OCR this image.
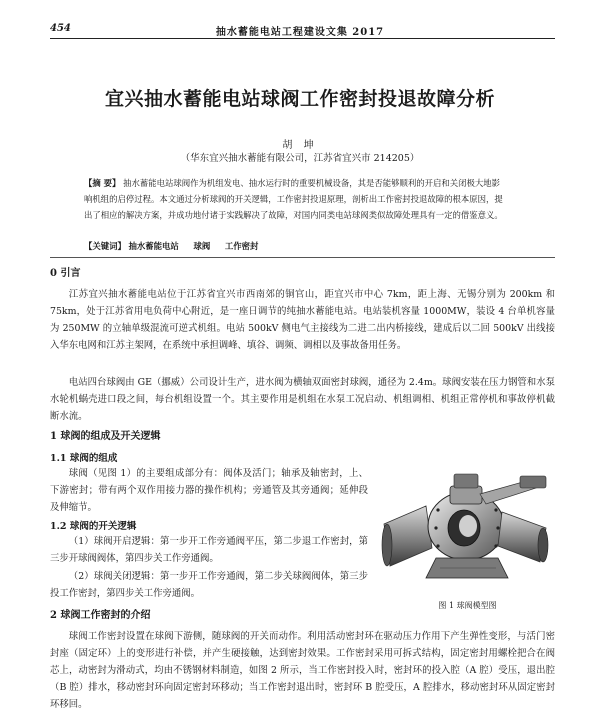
454	抽水蓄能电站工程建设文集 2017
宜兴抽水蓄能电站球阀工作密封投退故障分析
胡 坤
（华东宜兴抽水蓄能有限公司，江苏省宜兴市 214205）
【摘 要】 抽水蓄能电站球阀作为机组发电、抽水运行时的重要机械设备，其是否能够顺利的开启和关闭极大地影响机组的启停过程。本文通过分析球阀的开关逻辑，工作密封投退原理，剖析出工作密封投退故障的根本原因，提出了相应的解决方案，并成功地付诸于实践解决了故障，对国内同类电站球阀类似故障处理具有一定的借鉴意义。
【关键词】 抽水蓄能电站 球阀 工作密封
0 引言
江苏宜兴抽水蓄能电站位于江苏省宜兴市西南郊的铜官山，距宜兴市中心 7km，距上海、无锡分别为 200km 和 75km，处于江苏省用电负荷中心附近，是一座日调节的纯抽水蓄能电站。电站装机容量 1000MW，装设 4 台单机容量为 250MW 的立轴单级混流可逆式机组。电站 500kV 侧电气主接线为二进二出内桥接线，建成后以二回 500kV 出线接入华东电网和江苏主架网，在系统中承担调峰、填谷、调频、调相以及事故备用任务。
电站四台球阀由 GE（挪威）公司设计生产，进水阀为横轴双面密封球阀，通径为 2.4m。球阀安装在压力钢管和水泵水轮机蜗壳进口段之间，每台机组设置一个。其主要作用是机组在水泵工况启动、机组调相、机组正常停机和事故停机截断水流。
1 球阀的组成及开关逻辑
1.1 球阀的组成
球阀（见图 1）的主要组成部分有：阀体及活门；轴承及轴密封，上、下游密封；带有两个双作用接力器的操作机构；旁通管及其旁通阀；延伸段及伸缩节。
1.2 球阀的开关逻辑
（1）球阀开启逻辑：第一步开工作旁通阀平压，第二步退工作密封，第三步开球阀阀体，第四步关工作旁通阀。
（2）球阀关闭逻辑：第一步开工作旁通阀，第二步关球阀阀体，第三步投工作密封，第四步关工作旁通阀。
图 1 球阀模型图
2 球阀工作密封的介绍
球阀工作密封设置在球阀下游侧，随球阀的开关而动作。利用活动密封环在驱动压力作用下产生弹性变形，与活门密封座（固定环）上的变形进行补偿，并产生硬接触，达到密封效果。工作密封采用可拆式结构，固定密封用螺栓把合在阀芯上，动密封为滑动式，均由不锈钢材料制造，如图 2 所示，当工作密封投入时，密封环的投入腔（A 腔）受压，退出腔（B 腔）排水，移动密封环向固定密封环移动；当工作密封退出时，密封环 B 腔受压，A 腔排水，移动密封环从固定密封环移回。
